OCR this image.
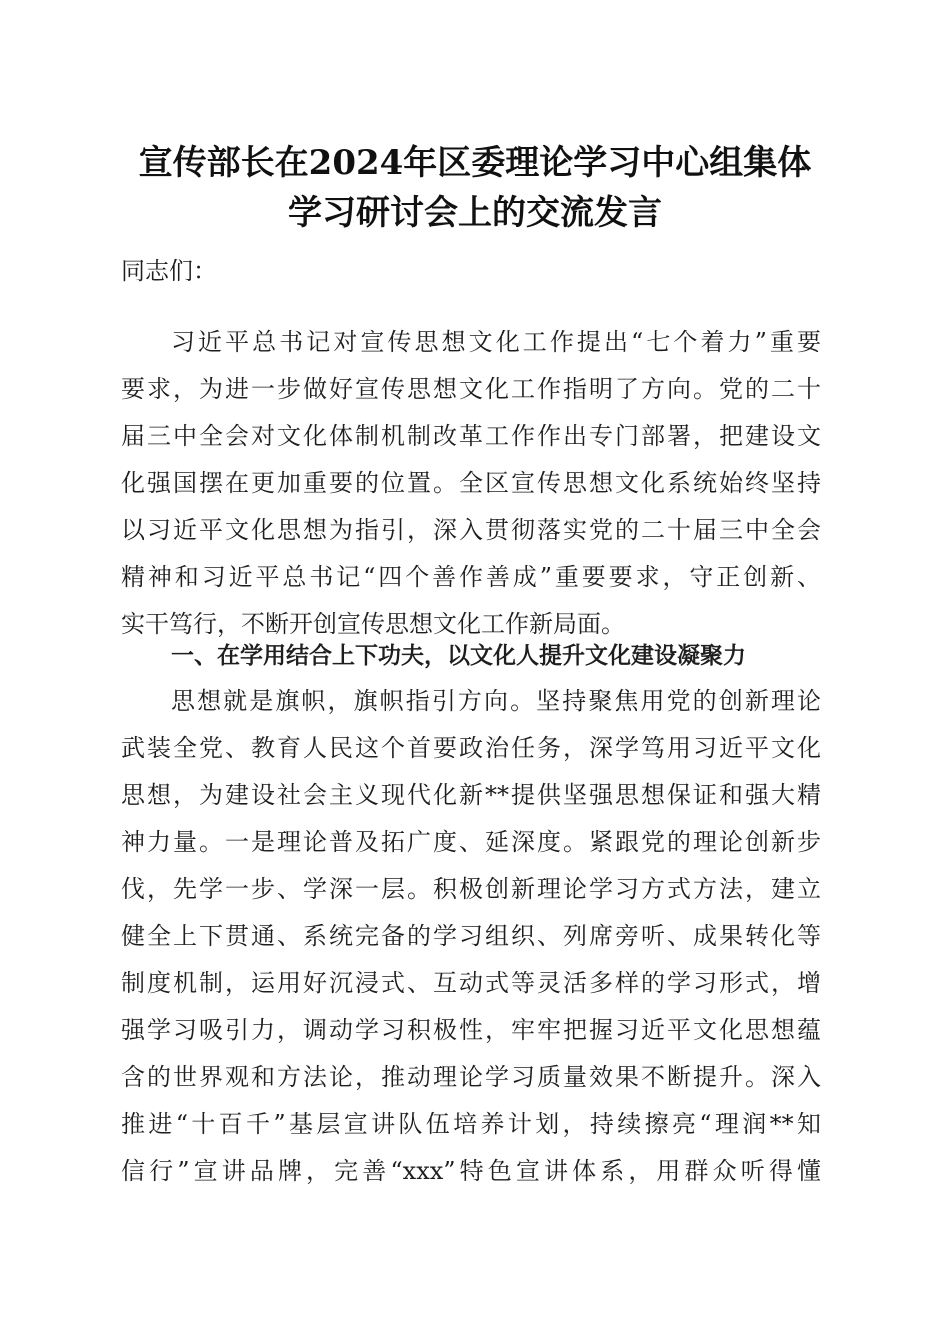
宣传部长在2024年区委理论学习中心组集体
学习研讨会上的交流发言
同志们：
习近平总书记对宣传思想文化工作提出“七个着力”重要
要求，为进一步做好宣传思想文化工作指明了方向。党的二十
届三中全会对文化体制机制改革工作作出专门部署，把建设文
化强国摆在更加重要的位置。全区宣传思想文化系统始终坚持
以习近平文化思想为指引，深入贯彻落实党的二十届三中全会
精神和习近平总书记“四个善作善成”重要要求，守正创新、
实干笃行，不断开创宣传思想文化工作新局面。
一、在学用结合上下功夫，以文化人提升文化建设凝聚力
思想就是旗帜，旗帜指引方向。坚持聚焦用党的创新理论
武装全党、教育人民这个首要政治任务，深学笃用习近平文化
思想，为建设社会主义现代化新**提供坚强思想保证和强大精
神力量。一是理论普及拓广度、延深度。紧跟党的理论创新步
伐，先学一步、学深一层。积极创新理论学习方式方法，建立
健全上下贯通、系统完备的学习组织、列席旁听、成果转化等
制度机制，运用好沉浸式、互动式等灵活多样的学习形式，增
强学习吸引力，调动学习积极性，牢牢把握习近平文化思想蕴
含的世界观和方法论，推动理论学习质量效果不断提升。深入
推进“十百千”基层宣讲队伍培养计划，持续擦亮“理润**知
信行”宣讲品牌，完善“xxx”特色宣讲体系，用群众听得懂
